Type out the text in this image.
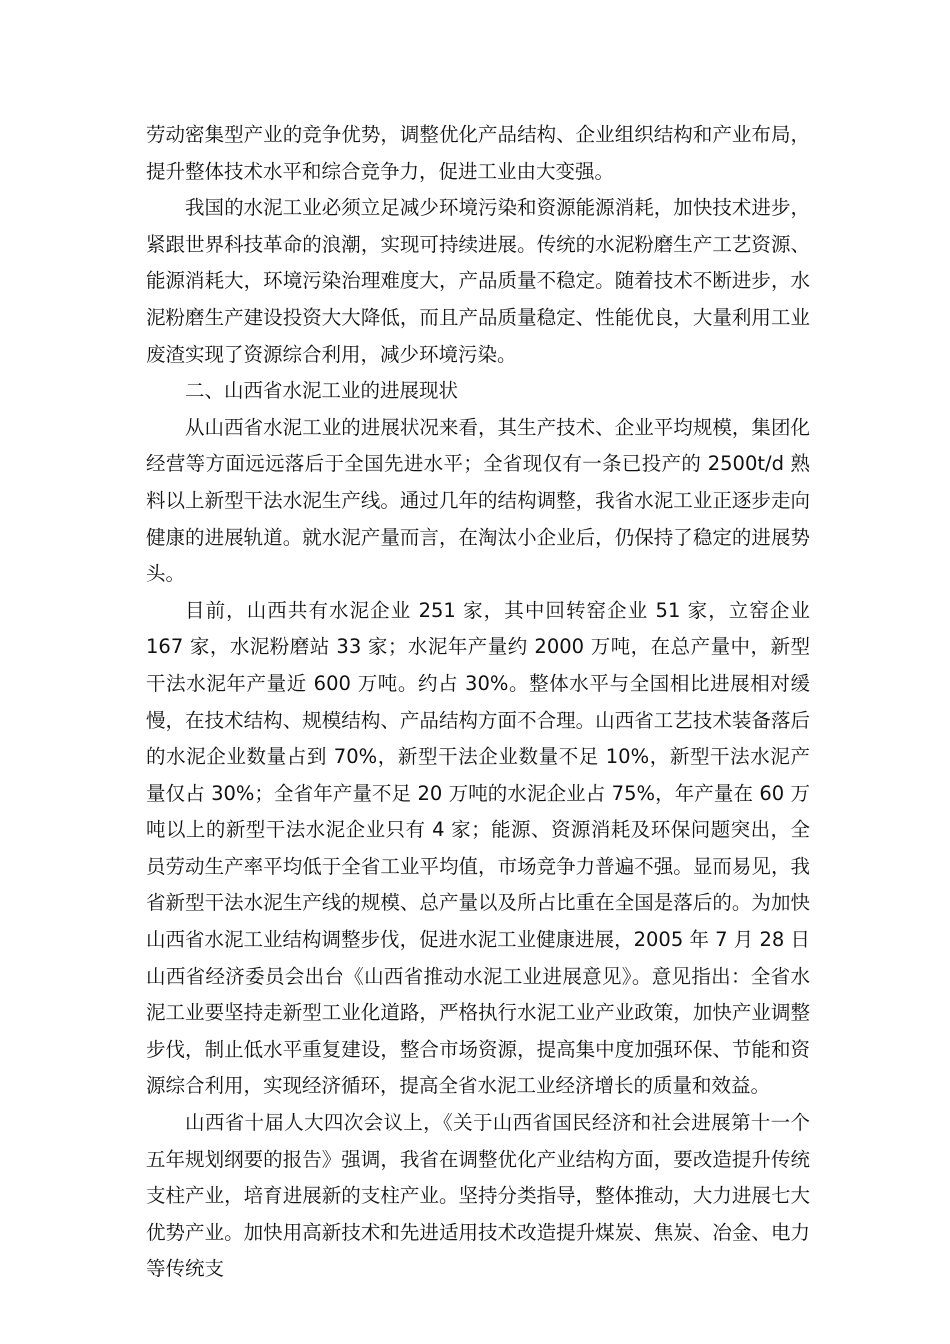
劳动密集型产业的竞争优势，调整优化产品结构、企业组织结构和产业布局，提升整体技术水平和综合竞争力，促进工业由大变强。

我国的水泥工业必须立足减少环境污染和资源能源消耗，加快技术进步，紧跟世界科技革命的浪潮，实现可持续进展。传统的水泥粉磨生产工艺资源、能源消耗大，环境污染治理难度大，产品质量不稳定。随着技术不断进步，水泥粉磨生产建设投资大大降低，而且产品质量稳定、性能优良，大量利用工业废渣实现了资源综合利用，减少环境污染。

二、山西省水泥工业的进展现状

从山西省水泥工业的进展状况来看，其生产技术、企业平均规模，集团化经营等方面远远落后于全国先进水平；全省现仅有一条已投产的 2500t/d 熟料以上新型干法水泥生产线。通过几年的结构调整，我省水泥工业正逐步走向健康的进展轨道。就水泥产量而言，在淘汰小企业后，仍保持了稳定的进展势头。

目前，山西共有水泥企业 251 家，其中回转窑企业 51 家，立窑企业 167 家，水泥粉磨站 33 家；水泥年产量约 2000 万吨，在总产量中，新型干法水泥年产量近 600 万吨。约占 30%。整体水平与全国相比进展相对缓慢，在技术结构、规模结构、产品结构方面不合理。山西省工艺技术装备落后的水泥企业数量占到 70%，新型干法企业数量不足 10%，新型干法水泥产量仅占 30%；全省年产量不足 20 万吨的水泥企业占 75%，年产量在 60 万吨以上的新型干法水泥企业只有 4 家；能源、资源消耗及环保问题突出，全员劳动生产率平均低于全省工业平均值，市场竞争力普遍不强。显而易见，我省新型干法水泥生产线的规模、总产量以及所占比重在全国是落后的。为加快山西省水泥工业结构调整步伐，促进水泥工业健康进展，2005 年 7 月 28 日山西省经济委员会出台《山西省推动水泥工业进展意见》。意见指出：全省水泥工业要坚持走新型工业化道路，严格执行水泥工业产业政策，加快产业调整步伐，制止低水平重复建设，整合市场资源，提高集中度加强环保、节能和资源综合利用，实现经济循环，提高全省水泥工业经济增长的质量和效益。

山西省十届人大四次会议上，《关于山西省国民经济和社会进展第十一个五年规划纲要的报告》强调，我省在调整优化产业结构方面，要改造提升传统支柱产业，培育进展新的支柱产业。坚持分类指导，整体推动，大力进展七大优势产业。加快用高新技术和先进适用技术改造提升煤炭、焦炭、冶金、电力等传统支
